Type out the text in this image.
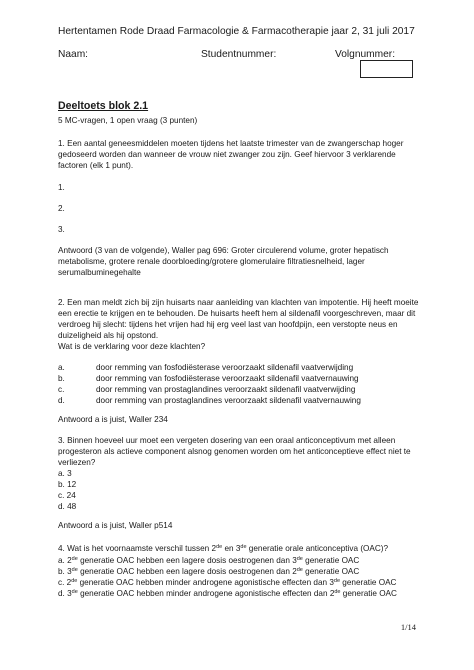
Hertentamen Rode Draad Farmacologie & Farmacotherapie jaar 2, 31 juli 2017
Naam:	Studentnummer:	Volgnummer:
Deeltoets blok 2.1
5 MC-vragen, 1 open vraag (3 punten)
1. Een aantal geneesmiddelen moeten tijdens het laatste trimester van de zwangerschap hoger
gedoseerd worden dan wanneer de vrouw niet zwanger zou zijn. Geef hiervoor 3 verklarende
factoren (elk 1 punt).
1.
2.
3.
Antwoord (3 van de volgende), Waller pag 696: Groter circulerend volume, groter hepatisch
metabolisme, grotere renale doorbloeding/grotere glomerulaire filtratiesnelheid, lager
serumalbuminegehalte
2. Een man meldt zich bij zijn huisarts naar aanleiding van klachten van impotentie. Hij heeft moeite
een erectie te krijgen en te behouden. De huisarts heeft hem al sildenafil voorgeschreven, maar dit
verdroeg hij slecht: tijdens het vrijen had hij erg veel last van hoofdpijn, een verstopte neus en
duizeligheid als hij opstond.
Wat is de verklaring voor deze klachten?
a.	door remming van fosfodiësterase veroorzaakt sildenafil vaatverwijding
b.	door remming van fosfodiësterase veroorzaakt sildenafil vaatvernauwing
c.	door remming van prostaglandines veroorzaakt sildenafil vaatverwijding
d.	door remming van prostaglandines veroorzaakt sildenafil vaatvernauwing
Antwoord a is juist, Waller 234
3. Binnen hoeveel uur moet een vergeten dosering van een oraal anticonceptivum met alleen
progesteron als actieve component alsnog genomen worden om het anticonceptieve effect niet te
verliezen?
a. 3
b. 12
c. 24
d. 48
Antwoord a is juist, Waller p514
4. Wat is het voornaamste verschil tussen 2de en 3de generatie orale anticonceptiva (OAC)?
a. 2de generatie OAC hebben een lagere dosis oestrogenen dan 3de generatie OAC
b. 3de generatie OAC hebben een lagere dosis oestrogenen dan 2de generatie OAC
c. 2de generatie OAC hebben minder androgene agonistische effecten dan 3de generatie OAC
d. 3de generatie OAC hebben minder androgene agonistische effecten dan 2de generatie OAC
1/14
